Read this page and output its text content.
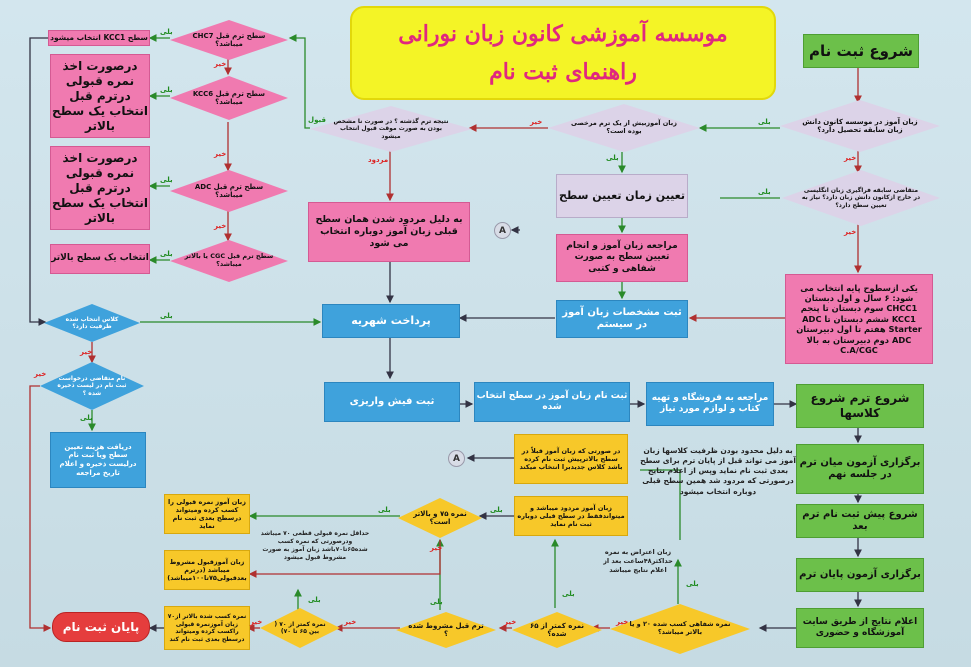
موسسه آموزشی کانون زبان نورانی
راهنمای ثبت نام
شروع ثبت نام
زبان آموز در موسسه کانون دانش زبان سابقه تحصیل دارد؟
متقاضی سابقه فراگیری زبان انگلیسی در خارج ازکانون دانش زبان دارد؟ نیاز به تعیین سطح دارد؟
یکی ازسطوح پایه انتخاب می شود: ۶ سال و اول دبستان CHCC1 سوم دبستان تا پنجم KCC1 ششم دبستان تا ADC Starter هفتم تا اول دبیرستان ADC دوم دبیرستان به بالا C.A/CGC
شروع ترم شروع کلاسها
برگزاری آزمون میان ترم در جلسه نهم
شروع پیش ثبت نام ترم بعد
برگزاری آزمون پایان ترم
اعلام نتایج از طریق سایت آموزشگاه و حضوری
زبان آموزبیش از یک ترم مرخصی بوده است؟
تعیین زمان تعیین سطح
مراجعه زبان آموز و انجام تعیین سطح به صورت شفاهی و کتبی
ثبت مشخصات زبان آموز در سیستم
نتیجه ترم گذشته ؟ در صورت نا مشخص بودن به صورت موقت قبول انتخاب میشود
به دلیل مردود شدن همان سطح قبلی زبان آموز دوباره انتخاب می شود
A
پرداخت شهریه
ثبت فیش واریزی	ثبت نام زبان آموز در سطح انتخاب شده
مراجعه به فروشگاه و تهیه کتاب و لوازم مورد نیاز
به دلیل محدود بودن ظرفیت کلاسها زبان آموز می تواند قبل از پایان ترم برای سطح بعدی ثبت نام نماید وپس از اعلام نتایج درصورتی که مردود شد همین سطح قبلی دوباره انتخاب میشود
سطح ترم قبل CHC7 میباشد؟
سطح ترم قبل KCC6 میباشد؟
سطح ترم قبل ADC میباشد؟
سطح ترم قبل CGC یا بالاتر میباشد؟
سطح KCC1 انتخاب میشود
درصورت اخذ نمره قبولی درترم قبل انتخاب یک سطح بالاتر
درصورت اخذ نمره قبولی درترم قبل انتخاب یک سطح بالاتر
انتخاب یک سطح بالاتر
کلاس انتخاب شده ظرفیت دارد؟
نام متقاضی درخواست ثبت نام در لیست ذخیره شده ؟
دریافت هزینه تعیین سطح ویا ثبت نام درلیست ذخیره و اعلام تاریخ مراجعه
پایان ثبت نام	نمره شفاهی کسب شده ۲۰ و یا بالاتر میباشد؟
نمره کمتر از ۶۵ شده؟
ترم قبل مشروط شده ؟
نمره کمتر از ۷۰ ( بین ۶۵ تا ۷۰)
نمره ۷۵ و بالاتر است؟
زبان آموز مردود میباشد و میتواندفقط در سطح قبلی دوباره ثبت نام نماید
در صورتی که زبان آموز قبلاً در سطح بالاترپیش ثبت نام کرده باشد کلاس جدیدبرا انتخاب میکند
A
زبان آموز نمره قبولی را کسب کرده ومیتواند درسطح بعدی ثبت نام نماید
زبان آموزقبول مشروط میباشد (درترم بعدقبولی۷۵تا۱۰۰میباشد)
نمره کسب شده بالاتر از۷۰ زبان آموزنمره قبولی راکسب کرده ومیتواند درسطح بعدی ثبت نام کند
حداقل نمره قبولی قطعی ۷۰ میباشد ودرصورتی که نمره کسب شده۶۵تا۷۰باشد زبان آموز به صورت مشروط قبول میشود
زبان اعتراض به نمره حداکثر۴۸ساعت بعد از اعلام نتایج میباشد
بلی
خیر
بلی
خیر
خیر
بلی
قبول
مردود
بلی
خیر
بلی
خیر
بلی
خیر
بلی
بلی
خیر
خیر
بلی
بلی
خیر
بلی
خیر
بلی
خیر
بلی
خیر
بلی
خیر
بلی
